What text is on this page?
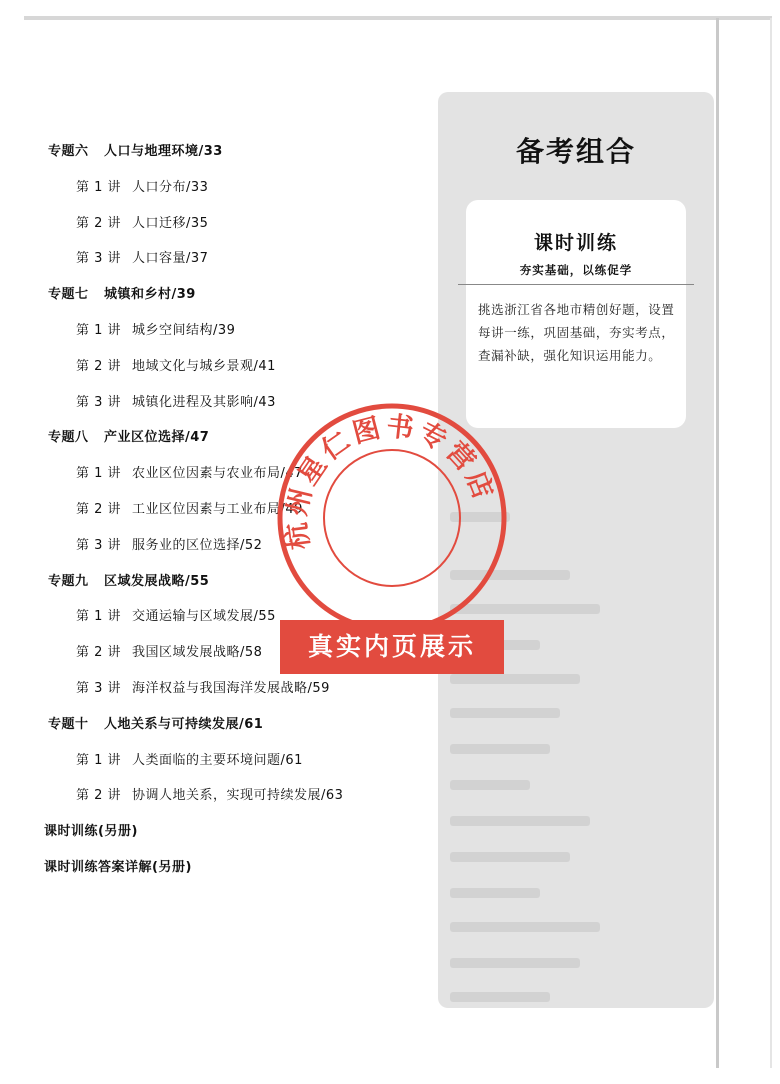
专题六 人口与地理环境/33
第 1 讲 人口分布/33
第 2 讲 人口迁移/35
第 3 讲 人口容量/37
专题七 城镇和乡村/39
第 1 讲 城乡空间结构/39
第 2 讲 地域文化与城乡景观/41
第 3 讲 城镇化进程及其影响/43
专题八 产业区位选择/47
第 1 讲 农业区位因素与农业布局/47
第 2 讲 工业区位因素与工业布局/49
第 3 讲 服务业的区位选择/52
专题九 区域发展战略/55
第 1 讲 交通运输与区域发展/55
第 2 讲 我国区域发展战略/58
第 3 讲 海洋权益与我国海洋发展战略/59
专题十 人地关系与可持续发展/61
第 1 讲 人类面临的主要环境问题/61
第 2 讲 协调人地关系，实现可持续发展/63
课时训练(另册)
课时训练答案详解(另册)
备考组合
课时训练
夯实基础，以练促学
挑选浙江省各地市精创好题，设置每讲一练，巩固基础，夯实考点，查漏补缺，强化知识运用能力。
杭州星仁图书专营店
真实内页展示
